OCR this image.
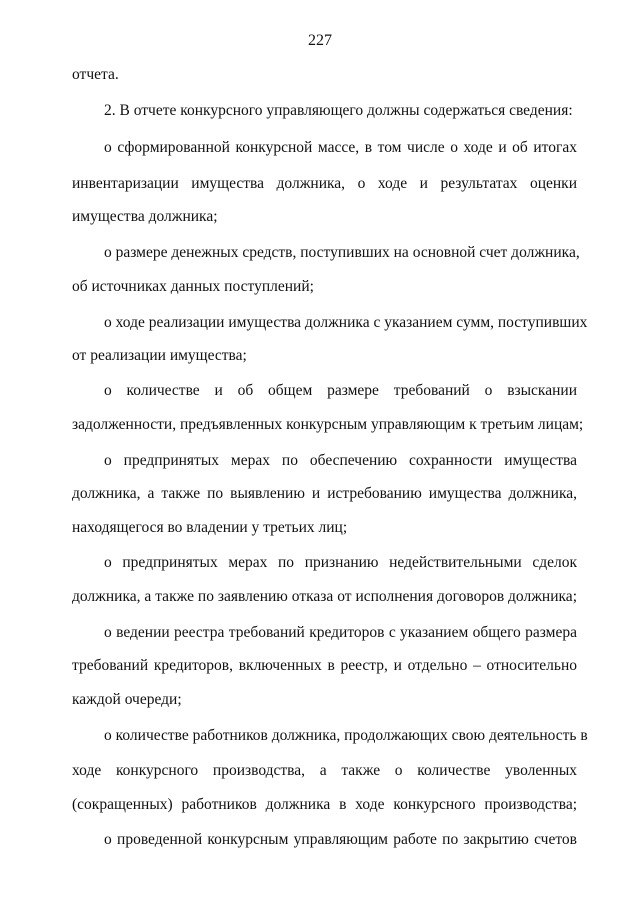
227
отчета.
2. В отчете конкурсного управляющего должны содержаться сведения:
о сформированной конкурсной массе, в том числе о ходе и об итогах
инвентаризации имущества должника, о ходе и результатах оценки
имущества должника;
о размере денежных средств, поступивших на основной счет должника,
об источниках данных поступлений;
о ходе реализации имущества должника с указанием сумм, поступивших
от реализации имущества;
о количестве и об общем размере требований о взыскании
задолженности, предъявленных конкурсным управляющим к третьим лицам;
о предпринятых мерах по обеспечению сохранности имущества
должника, а также по выявлению и истребованию имущества должника,
находящегося во владении у третьих лиц;
о предпринятых мерах по признанию недействительными сделок
должника, а также по заявлению отказа от исполнения договоров должника;
о ведении реестра требований кредиторов с указанием общего размера
требований кредиторов, включенных в реестр, и отдельно – относительно
каждой очереди;
о количестве работников должника, продолжающих свою деятельность в
ходе конкурсного производства, а также о количестве уволенных
(сокращенных) работников должника в ходе конкурсного производства;
о проведенной конкурсным управляющим работе по закрытию счетов
